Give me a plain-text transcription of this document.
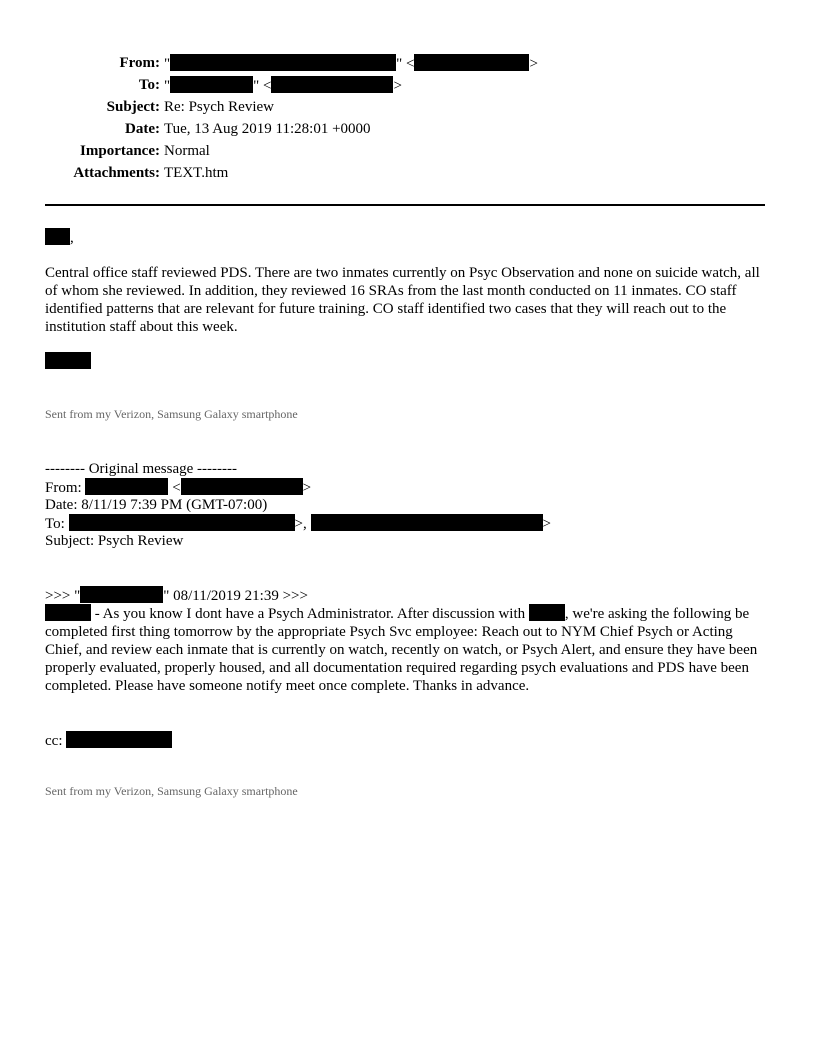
From: "	" <	>
To: "	" <	>
Subject: Re: Psych Review
Date: Tue, 13 Aug 2019 11:28:01 +0000
Importance: Normal
Attachments: TEXT.htm
,
Central office staff reviewed PDS. There are two inmates currently on Psyc Observation and none on suicide watch, all of whom she reviewed. In addition, they reviewed 16 SRAs from the last month conducted on 11 inmates. CO staff identified patterns that are relevant for future training. CO staff identified two cases that they will reach out to the institution staff about this week.
Sent from my Verizon, Samsung Galaxy smartphone
-------- Original message --------
From:	<	>
Date: 8/11/19 7:39 PM (GMT-07:00)
To:	>,	>
Subject: Psych Review
>>> "	" 08/11/2019 21:39 >>>
- As you know I dont have a Psych Administrator. After discussion with , we're asking the following be completed first thing tomorrow by the appropriate Psych Svc employee: Reach out to NYM Chief Psych or Acting Chief, and review each inmate that is currently on watch, recently on watch, or Psych Alert, and ensure they have been properly evaluated, properly housed, and all documentation required regarding psych evaluations and PDS have been completed. Please have someone notify meet once complete. Thanks in advance.
cc:
Sent from my Verizon, Samsung Galaxy smartphone
